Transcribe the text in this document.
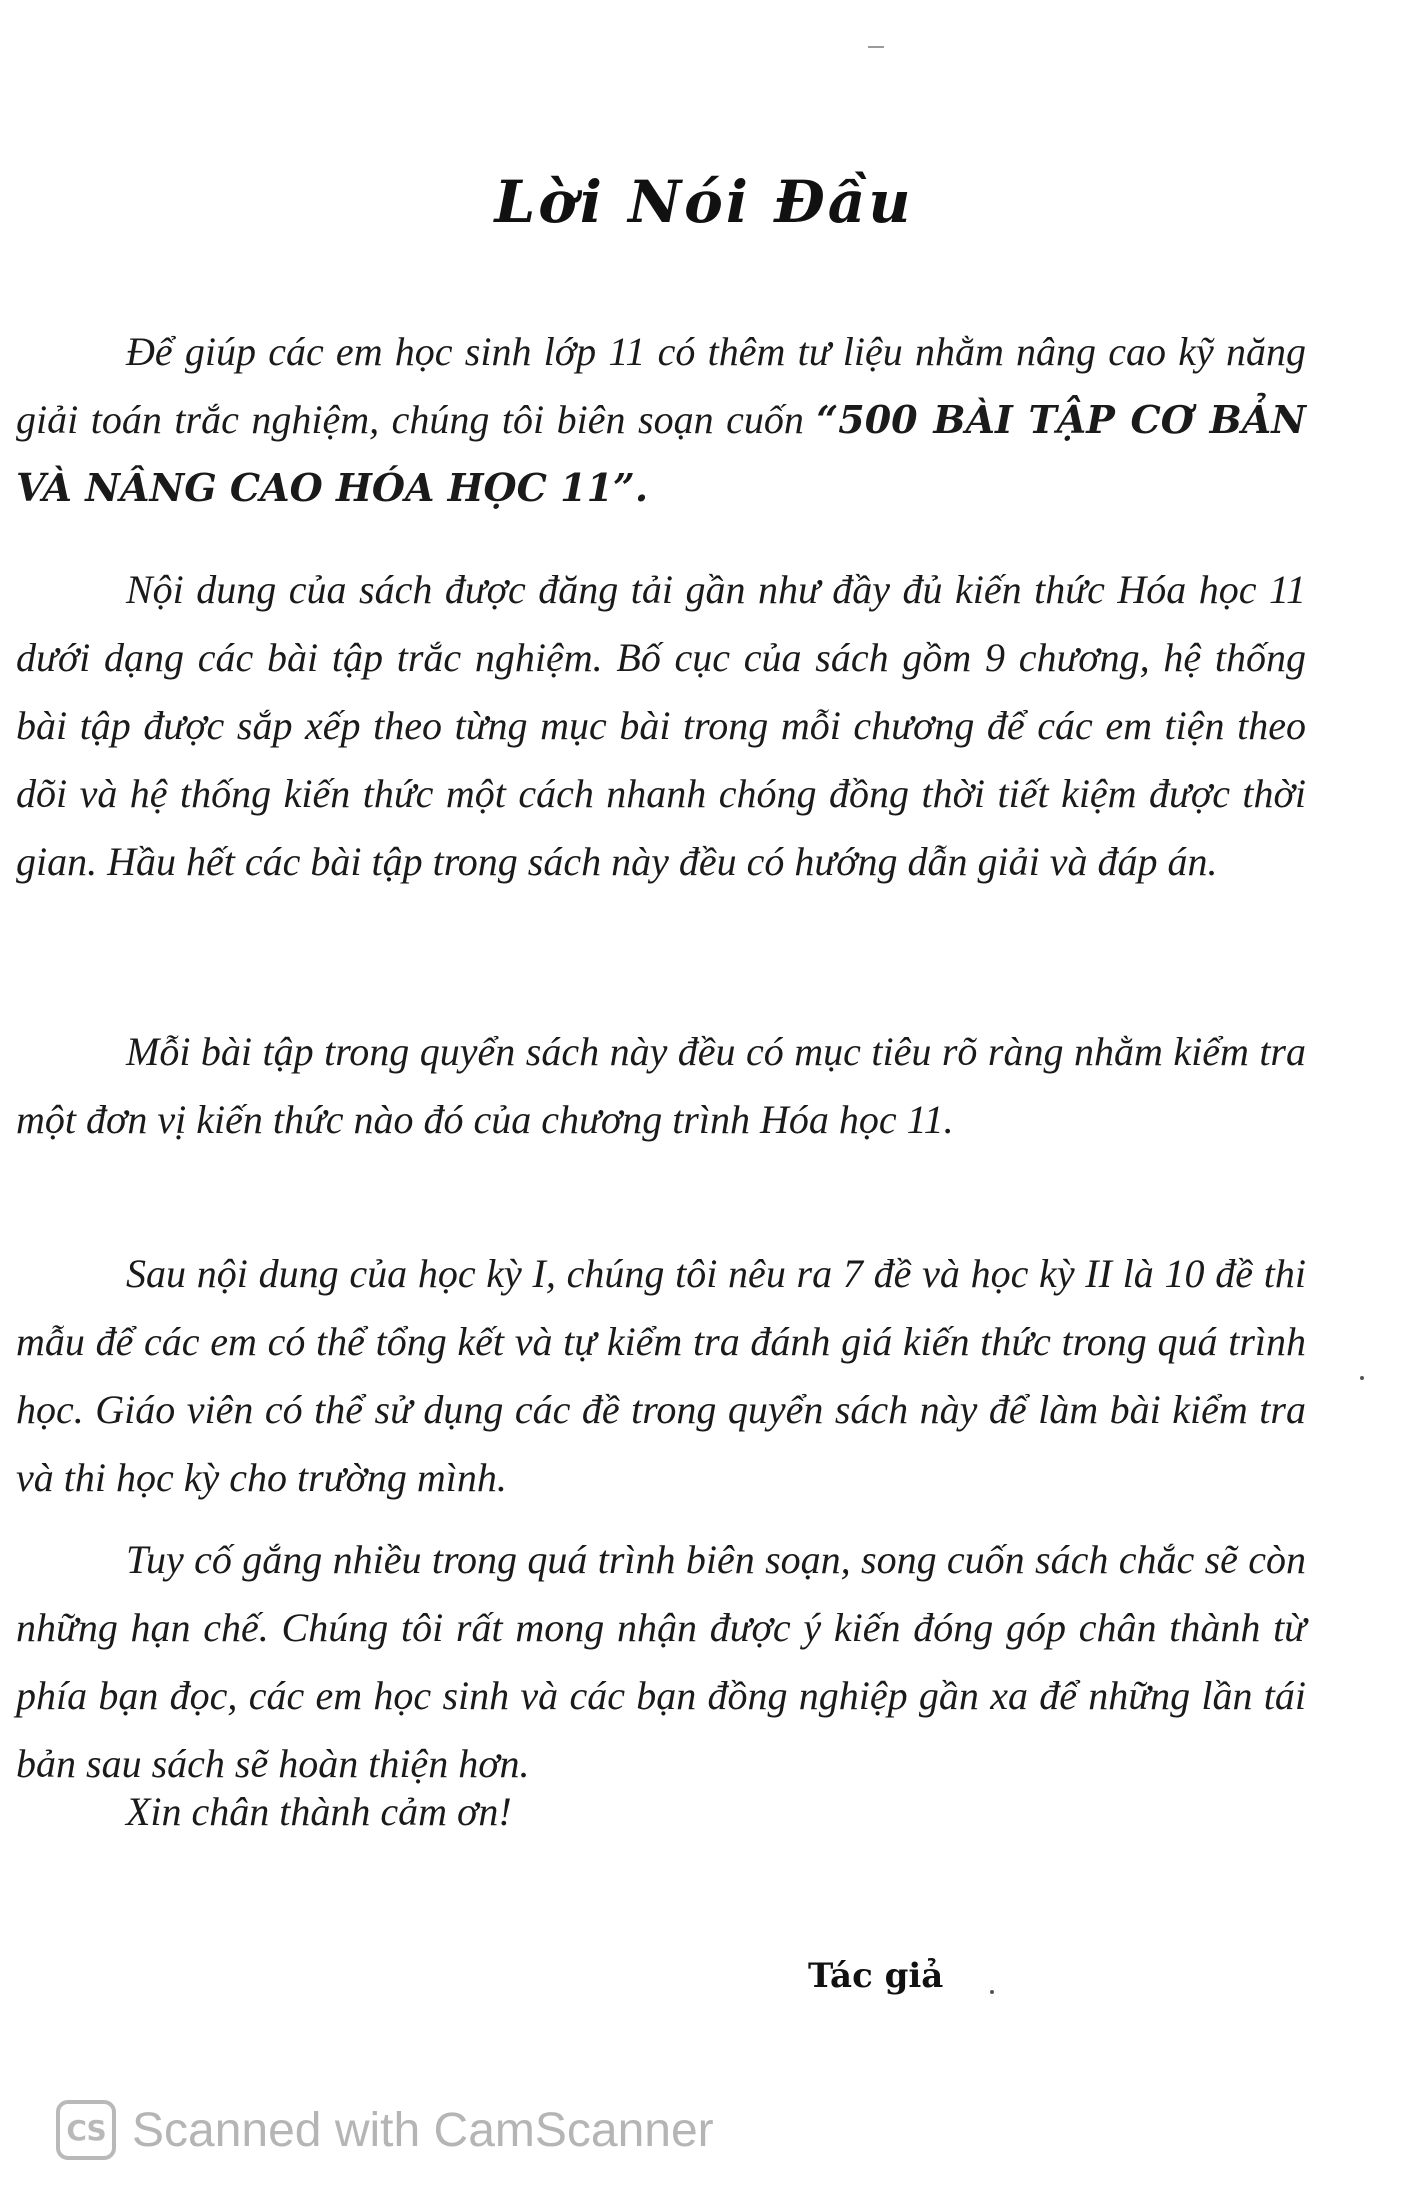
Lời Nói Đầu

Để giúp các em học sinh lớp 11 có thêm tư liệu nhằm nâng cao kỹ năng giải toán trắc nghiệm, chúng tôi biên soạn cuốn “500 BÀI TẬP CƠ BẢN VÀ NÂNG CAO HÓA HỌC 11”.

Nội dung của sách được đăng tải gần như đầy đủ kiến thức Hóa học 11 dưới dạng các bài tập trắc nghiệm. Bố cục của sách gồm 9 chương, hệ thống bài tập được sắp xếp theo từng mục bài trong mỗi chương để các em tiện theo dõi và hệ thống kiến thức một cách nhanh chóng đồng thời tiết kiệm được thời gian. Hầu hết các bài tập trong sách này đều có hướng dẫn giải và đáp án.

Mỗi bài tập trong quyển sách này đều có mục tiêu rõ ràng nhằm kiểm tra một đơn vị kiến thức nào đó của chương trình Hóa học 11.

Sau nội dung của học kỳ I, chúng tôi nêu ra 7 đề và học kỳ II là 10 đề thi mẫu để các em có thể tổng kết và tự kiểm tra đánh giá kiến thức trong quá trình học. Giáo viên có thể sử dụng các đề trong quyển sách này để làm bài kiểm tra và thi học kỳ cho trường mình.

Tuy cố gắng nhiều trong quá trình biên soạn, song cuốn sách chắc sẽ còn những hạn chế. Chúng tôi rất mong nhận được ý kiến đóng góp chân thành từ phía bạn đọc, các em học sinh và các bạn đồng nghiệp gần xa để những lần tái bản sau sách sẽ hoàn thiện hơn.

Xin chân thành cảm ơn!

Tác giả
CS Scanned with CamScanner
